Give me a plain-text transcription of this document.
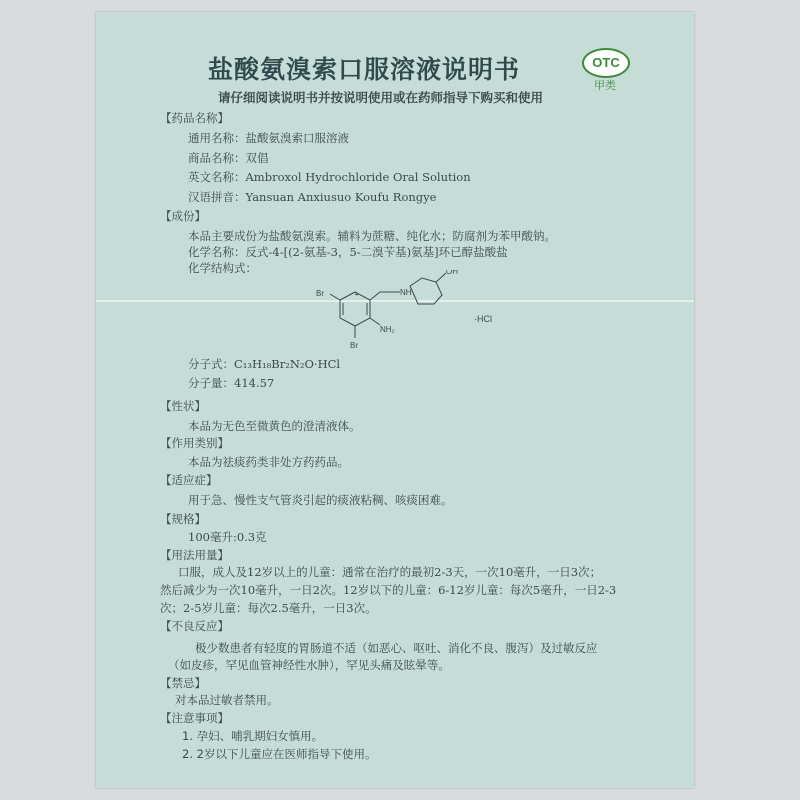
盐酸氨溴索口服溶液说明书	OTC
甲类
请仔细阅读说明书并按说明使用或在药师指导下购买和使用
【药品名称】
通用名称：盐酸氨溴索口服溶液
商品名称：双倡
英文名称：Ambroxol Hydrochloride Oral Solution
汉语拼音：Yansuan Anxiusuo Koufu Rongye
【成份】
本品主要成份为盐酸氨溴索。辅料为蔗糖、纯化水；防腐剂为苯甲酸钠。
化学名称：反式-4-[(2-氨基-3，5-二溴苄基)氨基]环已醇盐酸盐
化学结构式：
Br
Br
NH
NH₂
OH
·HCl
分子式：C₁₃H₁₈Br₂N₂O·HCl
分子量：414.57
【性状】
本品为无色至微黄色的澄清液体。
【作用类别】
本品为祛痰药类非处方药药品。
【适应症】
用于急、慢性支气管炎引起的痰液粘稠、咳痰困难。
【规格】
100毫升:0.3克
【用法用量】
口服，成人及12岁以上的儿童：通常在治疗的最初2-3天，一次10毫升，一日3次；
然后减少为一次10毫升，一日2次。12岁以下的儿童：6-12岁儿童：每次5毫升，一日2-3
次；2-5岁儿童：每次2.5毫升，一日3次。
【不良反应】
极少数患者有轻度的胃肠道不适（如恶心、呕吐、消化不良、腹泻）及过敏反应
（如皮疹，罕见血管神经性水肿），罕见头痛及眩晕等。
【禁忌】
对本品过敏者禁用。
【注意事项】
1. 孕妇、哺乳期妇女慎用。
2. 2岁以下儿童应在医师指导下使用。
